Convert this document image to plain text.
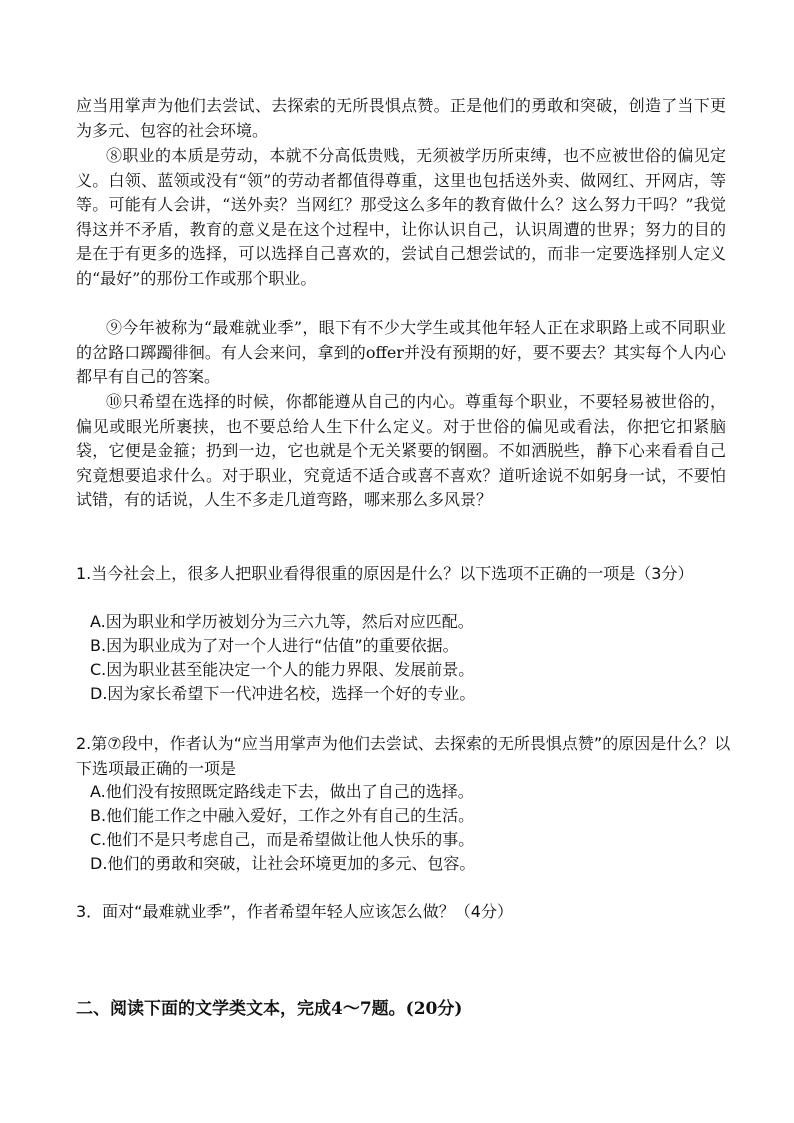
应当用掌声为他们去尝试、去探索的无所畏惧点赞。正是他们的勇敢和突破，创造了当下更为多元、包容的社会环境。

⑧职业的本质是劳动，本就不分高低贵贱，无须被学历所束缚，也不应被世俗的偏见定义。白领、蓝领或没有“领”的劳动者都值得尊重，这里也包括送外卖、做网红、开网店，等等。可能有人会讲，“送外卖？当网红？那受这么多年的教育做什么？这么努力干吗？”我觉得这并不矛盾，教育的意义是在这个过程中，让你认识自己，认识周遭的世界；努力的目的是在于有更多的选择，可以选择自己喜欢的，尝试自己想尝试的，而非一定要选择别人定义的“最好”的那份工作或那个职业。

⑨今年被称为“最难就业季”，眼下有不少大学生或其他年轻人正在求职路上或不同职业的岔路口踯躅徘徊。有人会来问，拿到的offer并没有预期的好，要不要去？其实每个人内心都早有自己的答案。

⑩只希望在选择的时候，你都能遵从自己的内心。尊重每个职业，不要轻易被世俗的，偏见或眼光所裹挟，也不要总给人生下什么定义。对于世俗的偏见或看法，你把它扣紧脑袋，它便是金箍；扔到一边，它也就是个无关紧要的钢圈。不如洒脱些，静下心来看看自己究竟想要追求什么。对于职业，究竟适不适合或喜不喜欢？道听途说不如躬身一试，不要怕试错，有的话说，人生不多走几道弯路，哪来那么多风景？

1.当今社会上，很多人把职业看得很重的原因是什么？以下选项不正确的一项是（3分）

A.因为职业和学历被划分为三六九等，然后对应匹配。

B.因为职业成为了对一个人进行“估值”的重要依据。

C.因为职业甚至能决定一个人的能力界限、发展前景。

D.因为家长希望下一代冲进名校，选择一个好的专业。

2.第⑦段中，作者认为“应当用掌声为他们去尝试、去探索的无所畏惧点赞”的原因是什么？以下选项最正确的一项是

A.他们没有按照既定路线走下去，做出了自己的选择。

B.他们能工作之中融入爱好，工作之外有自己的生活。

C.他们不是只考虑自己，而是希望做让他人快乐的事。

D.他们的勇敢和突破，让社会环境更加的多元、包容。

3．面对“最难就业季”，作者希望年轻人应该怎么做？（4分）

二、阅读下面的文学类文本，完成4～7题。(20分)
